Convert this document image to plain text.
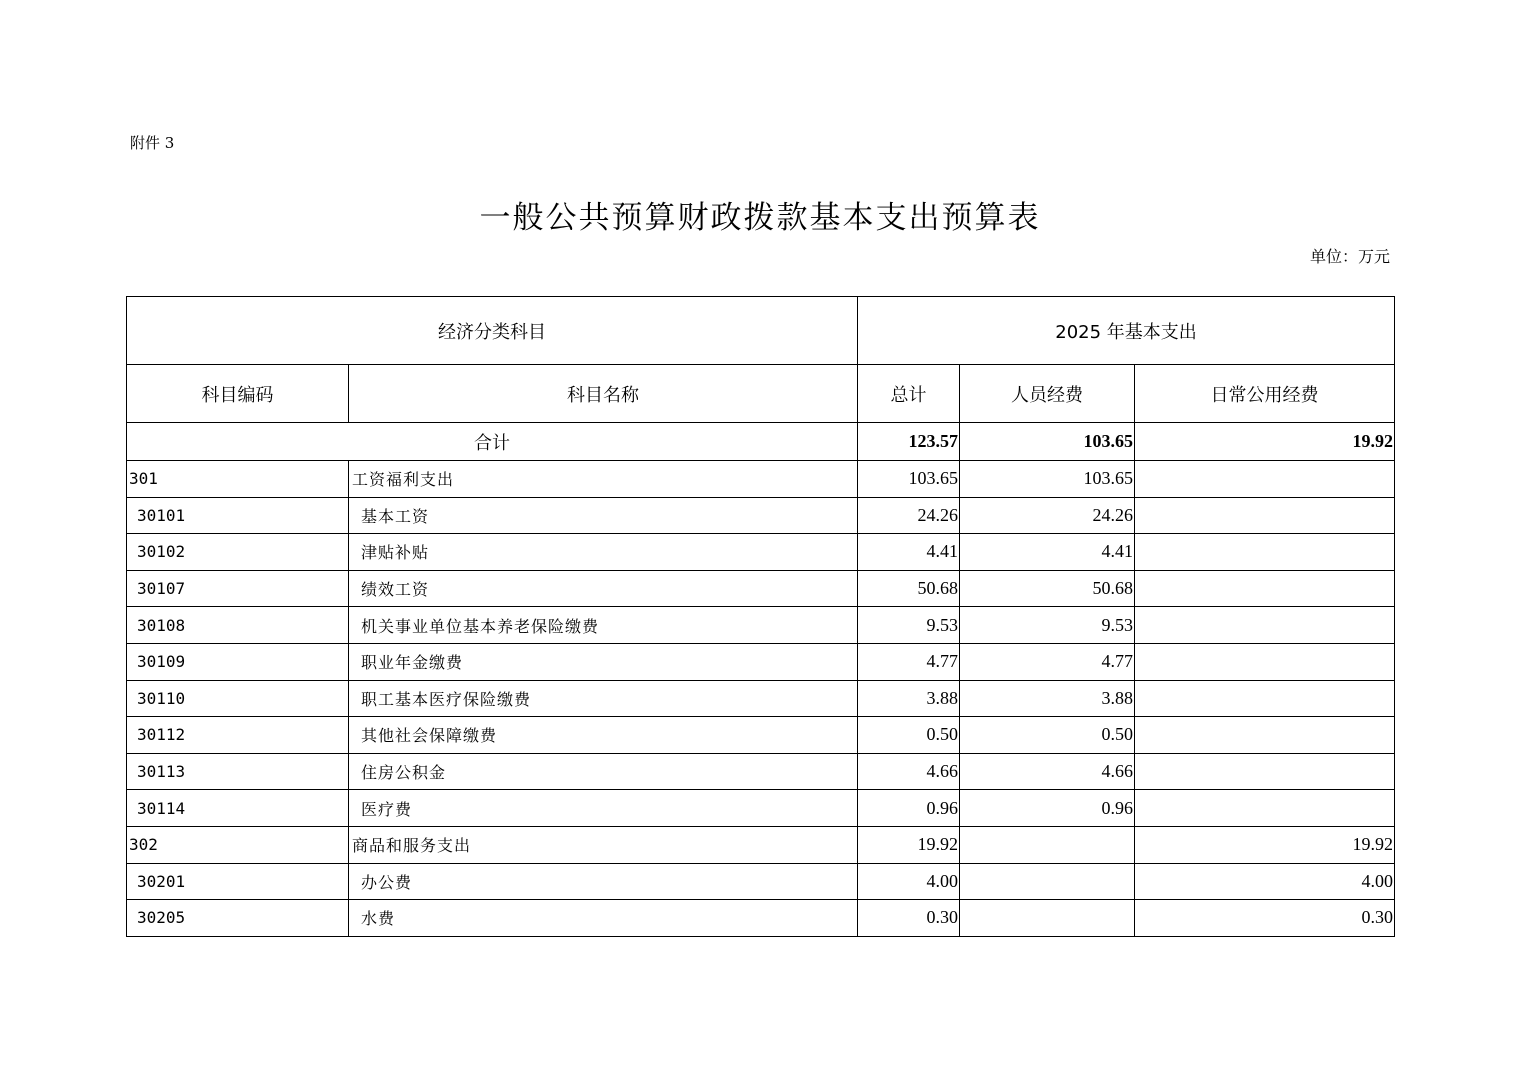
附件 3
一般公共预算财政拨款基本支出预算表
单位：万元
经济分类科目		2025 年基本支出		
科目编码	科目名称	总计	人员经费	日常公用经费
合计		123.57	103.65	19.92
301	工资福利支出	103.65	103.65	
30101	基本工资	24.26	24.26	
30102	津贴补贴	4.41	4.41	
30107	绩效工资	50.68	50.68	
30108	机关事业单位基本养老保险缴费	9.53	9.53	
30109	职业年金缴费	4.77	4.77	
30110	职工基本医疗保险缴费	3.88	3.88	
30112	其他社会保障缴费	0.50	0.50	
30113	住房公积金	4.66	4.66	
30114	医疗费	0.96	0.96	
302	商品和服务支出	19.92		19.92
30201	办公费	4.00		4.00
30205	水费	0.30		0.30
